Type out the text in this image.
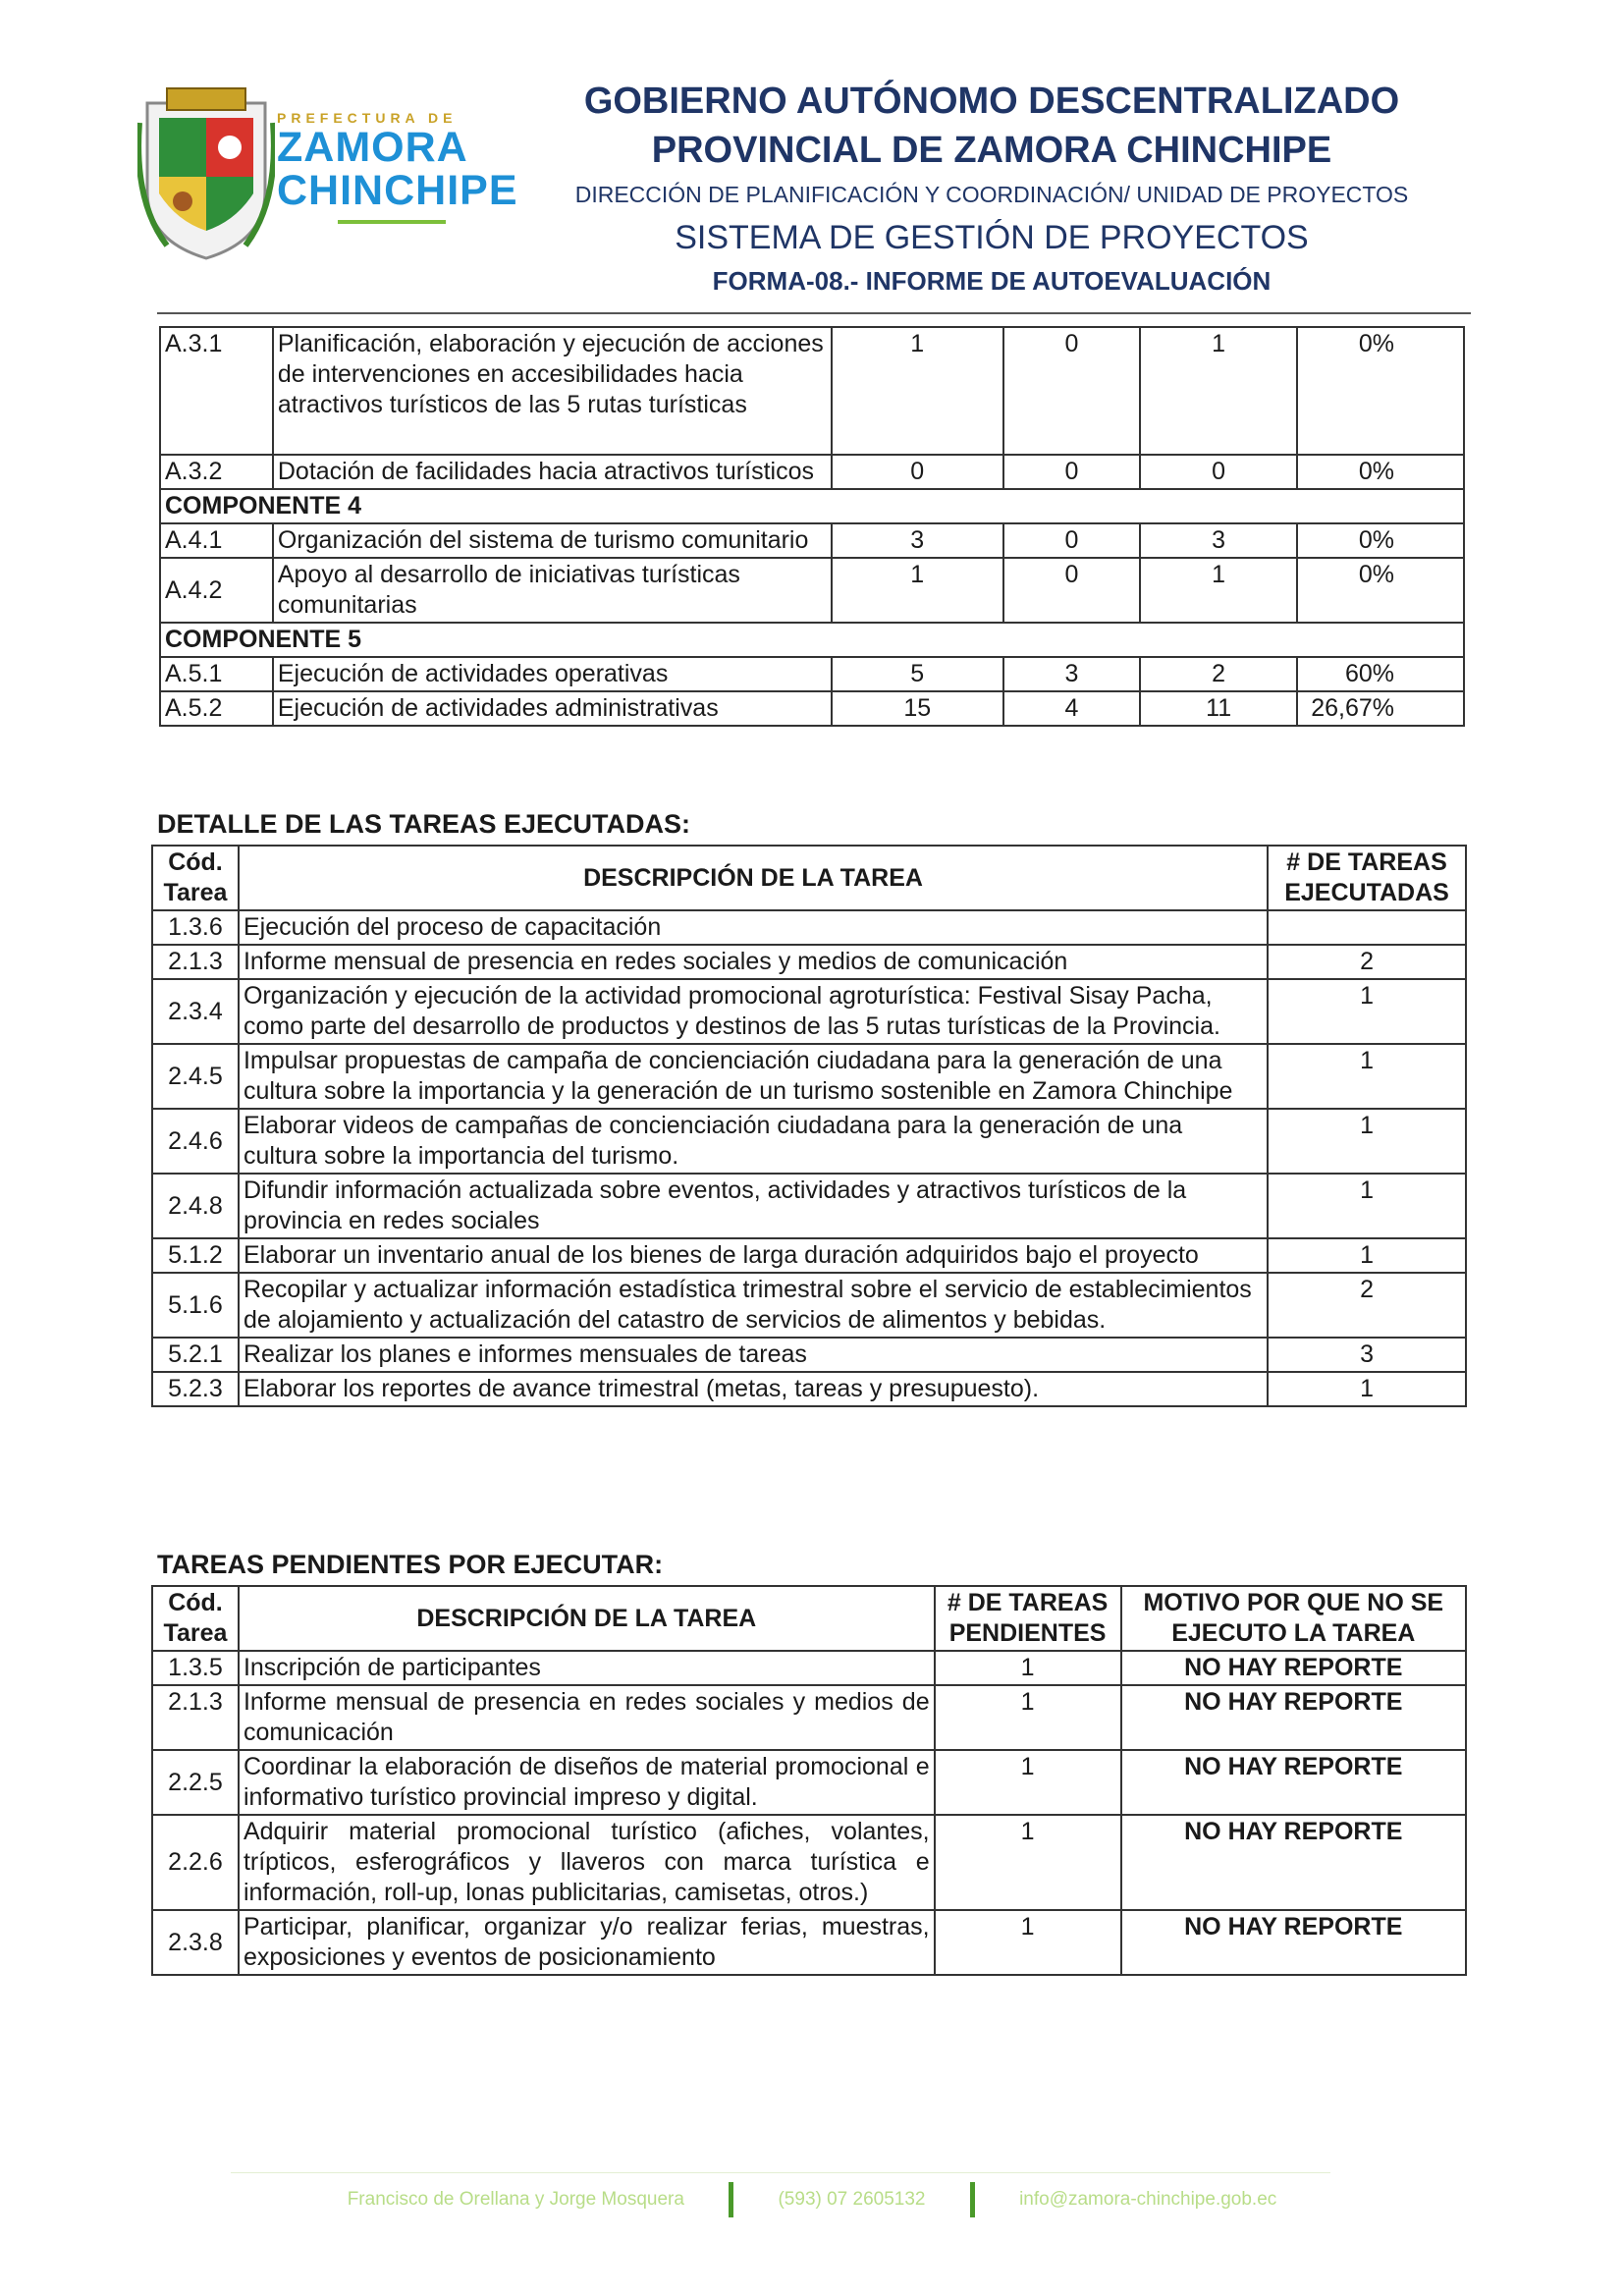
PREFECTURA DE
ZAMORA
CHINCHIPE
GOBIERNO AUTÓNOMO DESCENTRALIZADO
PROVINCIAL DE ZAMORA CHINCHIPE
DIRECCIÓN DE PLANIFICACIÓN Y COORDINACIÓN/ UNIDAD DE PROYECTOS
SISTEMA DE GESTIÓN DE PROYECTOS
FORMA-08.- INFORME DE AUTOEVALUACIÓN
A.3.1	Planificación, elaboración y ejecución de acciones de intervenciones en accesibilidades hacia atractivos turísticos de las 5 rutas turísticas	1	0	1	0%
A.3.2	Dotación de facilidades hacia atractivos turísticos	0	0	0	0%
COMPONENTE 4					
A.4.1	Organización del sistema de turismo comunitario	3	0	3	0%
A.4.2	Apoyo al desarrollo de iniciativas turísticas comunitarias	1	0	1	0%
COMPONENTE 5					
A.5.1	Ejecución de actividades operativas	5	3	2	60%
A.5.2	Ejecución de actividades administrativas	15	4	11	26,67%
DETALLE DE LAS TAREAS EJECUTADAS:
Cód. Tarea	DESCRIPCIÓN DE LA TAREA	# DE TAREAS EJECUTADAS
1.3.6	Ejecución del proceso de capacitación	
2.1.3	Informe mensual de presencia en redes sociales y medios de comunicación	2
2.3.4	Organización y ejecución de la actividad promocional agroturística: Festival Sisay Pacha, como parte del desarrollo de productos y destinos de las 5 rutas turísticas de la Provincia.	1
2.4.5	Impulsar propuestas de campaña de concienciación ciudadana para la generación de una cultura sobre la importancia y la generación de un turismo sostenible en Zamora Chinchipe	1
2.4.6	Elaborar videos de campañas de concienciación ciudadana para la generación de una cultura sobre la importancia del turismo.	1
2.4.8	Difundir información actualizada sobre eventos, actividades y atractivos turísticos de la provincia en redes sociales	1
5.1.2	Elaborar un inventario anual de los bienes de larga duración adquiridos bajo el proyecto	1
5.1.6	Recopilar y actualizar información estadística trimestral sobre el servicio de establecimientos de alojamiento y actualización del catastro de servicios de alimentos y bebidas.	2
5.2.1	Realizar los planes e informes mensuales de tareas	3
5.2.3	Elaborar los reportes de avance trimestral (metas, tareas y presupuesto).	1
TAREAS PENDIENTES POR EJECUTAR:
Cód. Tarea	DESCRIPCIÓN DE LA TAREA	# DE TAREAS PENDIENTES	MOTIVO POR QUE NO SE EJECUTO LA TAREA
1.3.5	Inscripción de participantes	1	NO HAY REPORTE
2.1.3	Informe mensual de presencia en redes sociales y medios de comunicación	1	NO HAY REPORTE
2.2.5	Coordinar la elaboración de diseños de material promocional e informativo turístico provincial impreso y digital.	1	NO HAY REPORTE
2.2.6	Adquirir material promocional turístico (afiches, volantes, trípticos, esferográficos y llaveros con marca turística e información, roll-up, lonas publicitarias, camisetas, otros.)	1	NO HAY REPORTE
2.3.8	Participar, planificar, organizar y/o realizar ferias, muestras, exposiciones y eventos de posicionamiento	1	NO HAY REPORTE
Francisco de Orellana y Jorge Mosquera	(593) 07 2605132	info@zamora-chinchipe.gob.ec
